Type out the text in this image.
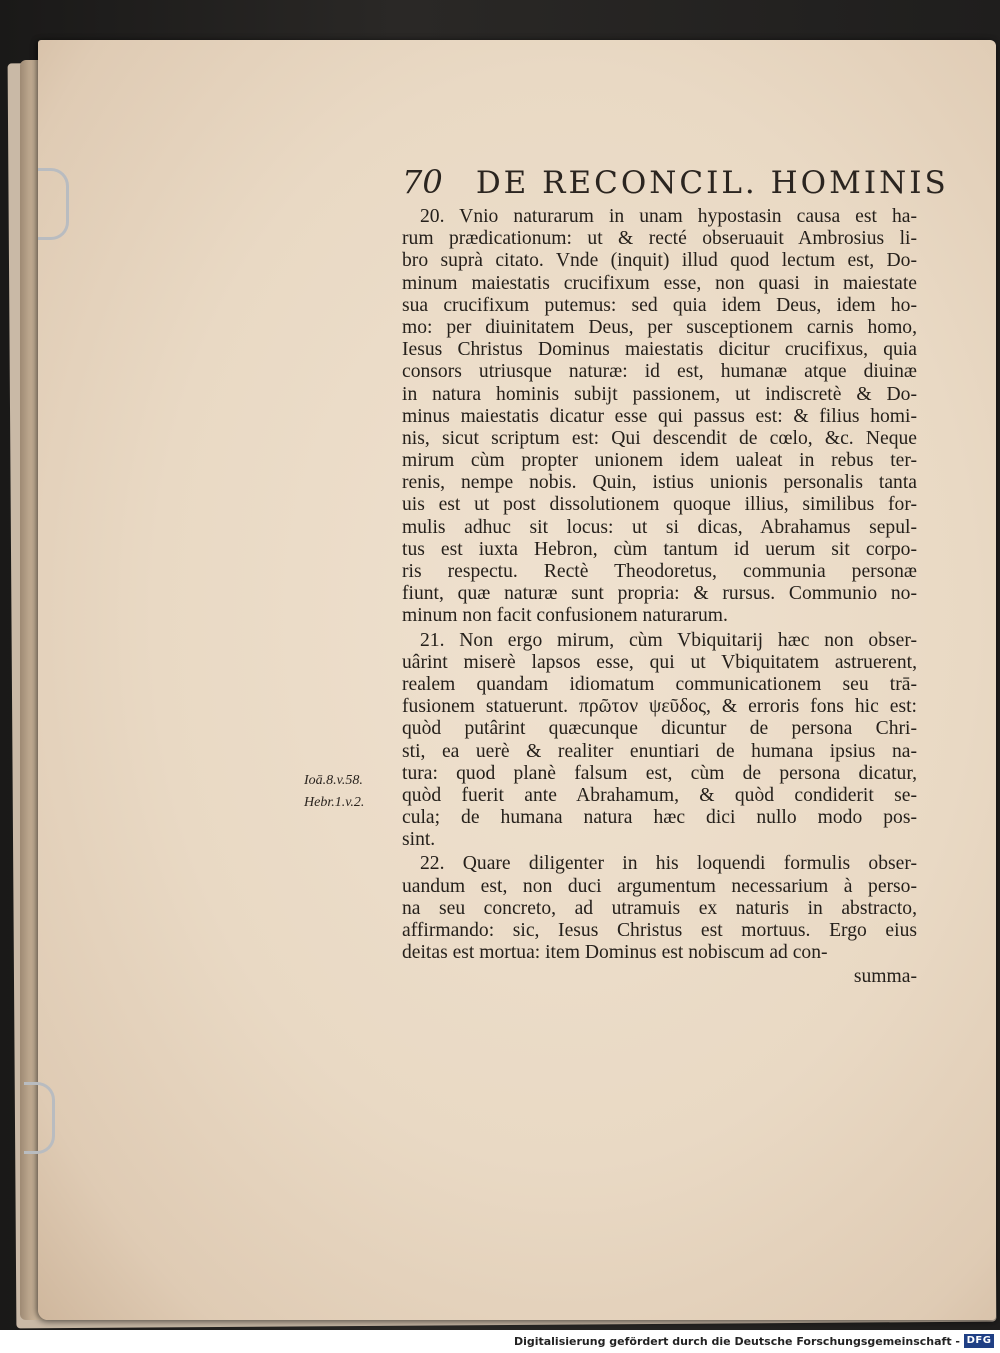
70 DE RECONCIL. HOMINIS
20. Vnio naturarum in unam hypostasin causa est ha-
rum prædicationum: ut & recté obseruauit Ambrosius li-
bro suprà citato. Vnde (inquit) illud quod lectum est, Do-
minum maiestatis crucifixum esse, non quasi in maiestate
sua crucifixum putemus: sed quia idem Deus, idem ho-
mo: per diuinitatem Deus, per susceptionem carnis homo,
Iesus Christus Dominus maiestatis dicitur crucifixus, quia
consors utriusque naturæ: id est, humanæ atque diuinæ
in natura hominis subijt passionem, ut indiscretè & Do-
minus maiestatis dicatur esse qui passus est: & filius homi-
nis, sicut scriptum est: Qui descendit de cœlo, &c. Neque
mirum cùm propter unionem idem ualeat in rebus ter-
renis, nempe nobis. Quin, istius unionis personalis tanta
uis est ut post dissolutionem quoque illius, similibus for-
mulis adhuc sit locus: ut si dicas, Abrahamus sepul-
tus est iuxta Hebron, cùm tantum id uerum sit corpo-
ris respectu. Rectè Theodoretus, communia personæ
fiunt, quæ naturæ sunt propria: & rursus. Communio no-
minum non facit confusionem naturarum.
21. Non ergo mirum, cùm Vbiquitarij hæc non obser-
uârint miserè lapsos esse, qui ut Vbiquitatem astruerent,
realem quandam idiomatum communicationem seu trā-
fusionem statuerunt. πρῶτον ψεῦδος, & erroris fons hic est:
quòd putârint quæcunque dicuntur de persona Chri-
sti, ea uerè & realiter enuntiari de humana ipsius na-
tura: quod planè falsum est, cùm de persona dicatur,
quòd fuerit ante Abrahamum, & quòd condiderit se-
cula; de humana natura hæc dici nullo modo pos-
sint.
22. Quare diligenter in his loquendi formulis obser-
uandum est, non duci argumentum necessarium à perso-
na seu concreto, ad utramuis ex naturis in abstracto,
affirmando: sic, Iesus Christus est mortuus. Ergo eius
deitas est mortua: item Dominus est nobiscum ad con-
summa-
Ioā.8.v.58.
Hebr.1.v.2.
Digitalisierung gefördert durch die Deutsche Forschungsgemeinschaft - DFG
